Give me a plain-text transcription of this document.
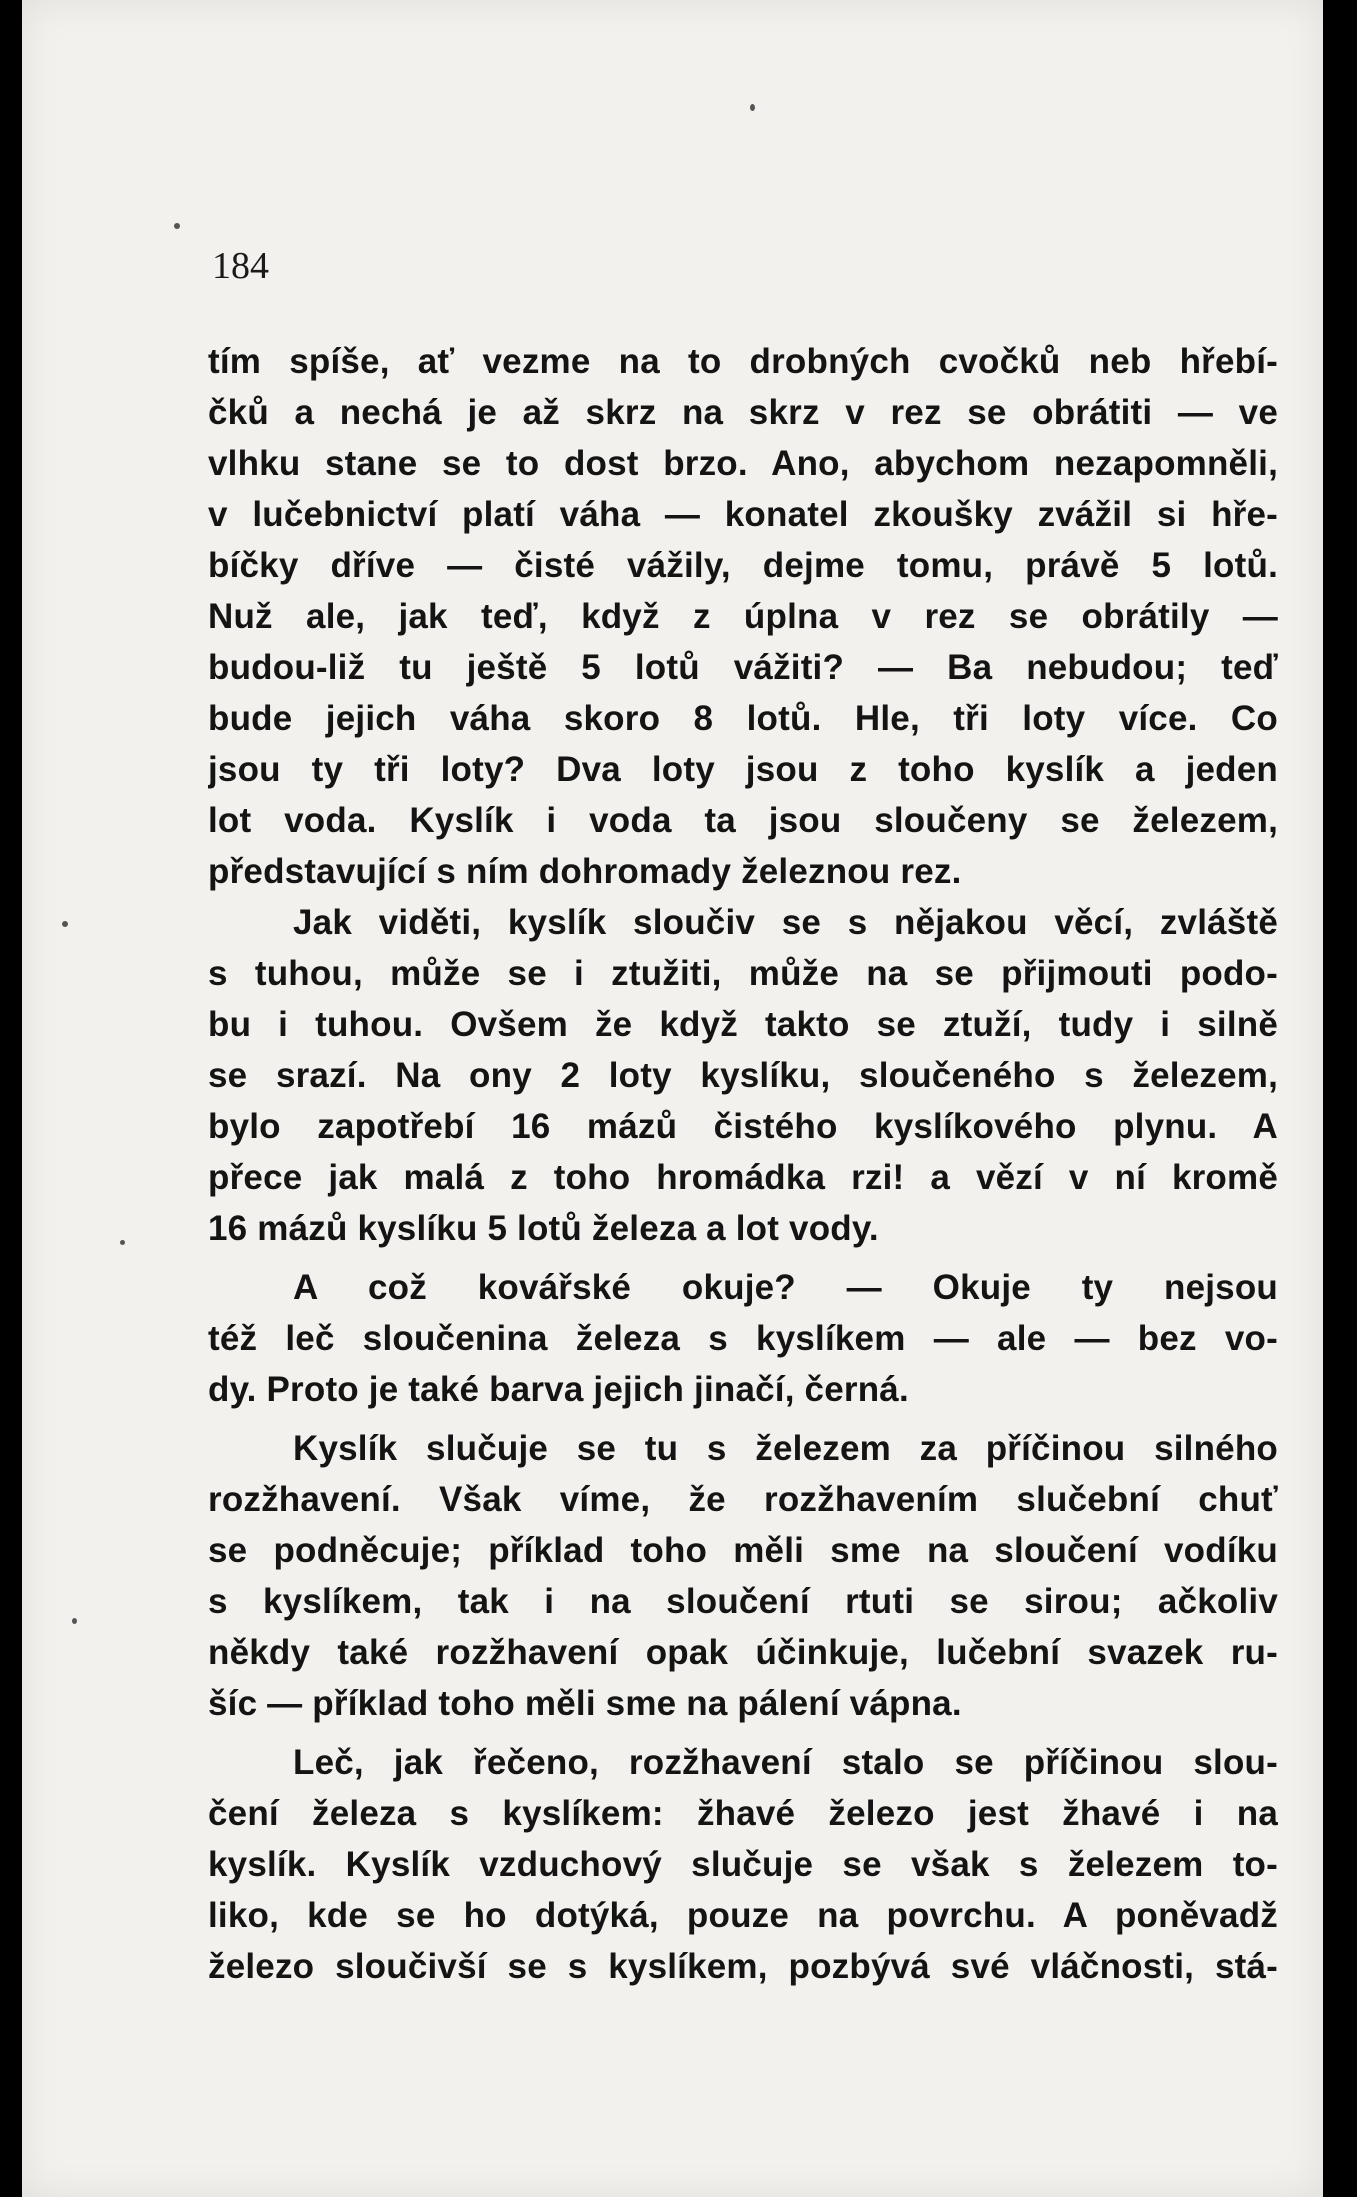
184
tím spíše, ať vezme na to drobných cvočků neb hřebí-
čků a nechá je až skrz na skrz v rez se obrátiti — ve
vlhku stane se to dost brzo. Ano, abychom nezapomněli,
v lučebnictví platí váha — konatel zkoušky zvážil si hře-
bíčky dříve — čisté vážily, dejme tomu, právě 5 lotů.
Nuž ale, jak teď, když z úplna v rez se obrátily —
budou-liž tu ještě 5 lotů vážiti? — Ba nebudou; teď
bude jejich váha skoro 8 lotů. Hle, tři loty více. Co
jsou ty tři loty? Dva loty jsou z toho kyslík a jeden
lot voda. Kyslík i voda ta jsou sloučeny se železem,
představující s ním dohromady železnou rez.
Jak viděti, kyslík sloučiv se s nějakou věcí, zvláště
s tuhou, může se i ztužiti, může na se přijmouti podo-
bu i tuhou. Ovšem že když takto se ztuží, tudy i silně
se srazí. Na ony 2 loty kyslíku, sloučeného s železem,
bylo zapotřebí 16 mázů čistého kyslíkového plynu. A
přece jak malá z toho hromádka rzi! a vězí v ní kromě
16 mázů kyslíku 5 lotů železa a lot vody.
A což kovářské okuje? — Okuje ty nejsou
též leč sloučenina železa s kyslíkem — ale — bez vo-
dy. Proto je také barva jejich jinačí, černá.
Kyslík slučuje se tu s železem za příčinou silného
rozžhavení. Však víme, že rozžhavením slučební chuť
se podněcuje; příklad toho měli sme na sloučení vodíku
s kyslíkem, tak i na sloučení rtuti se sirou; ačkoliv
někdy také rozžhavení opak účinkuje, lučební svazek ru-
šíc — příklad toho měli sme na pálení vápna.
Leč, jak řečeno, rozžhavení stalo se příčinou slou-
čení železa s kyslíkem: žhavé železo jest žhavé i na
kyslík. Kyslík vzduchový slučuje se však s železem to-
liko, kde se ho dotýká, pouze na povrchu. A poněvadž
železo sloučivší se s kyslíkem, pozbývá své vláčnosti, stá-
